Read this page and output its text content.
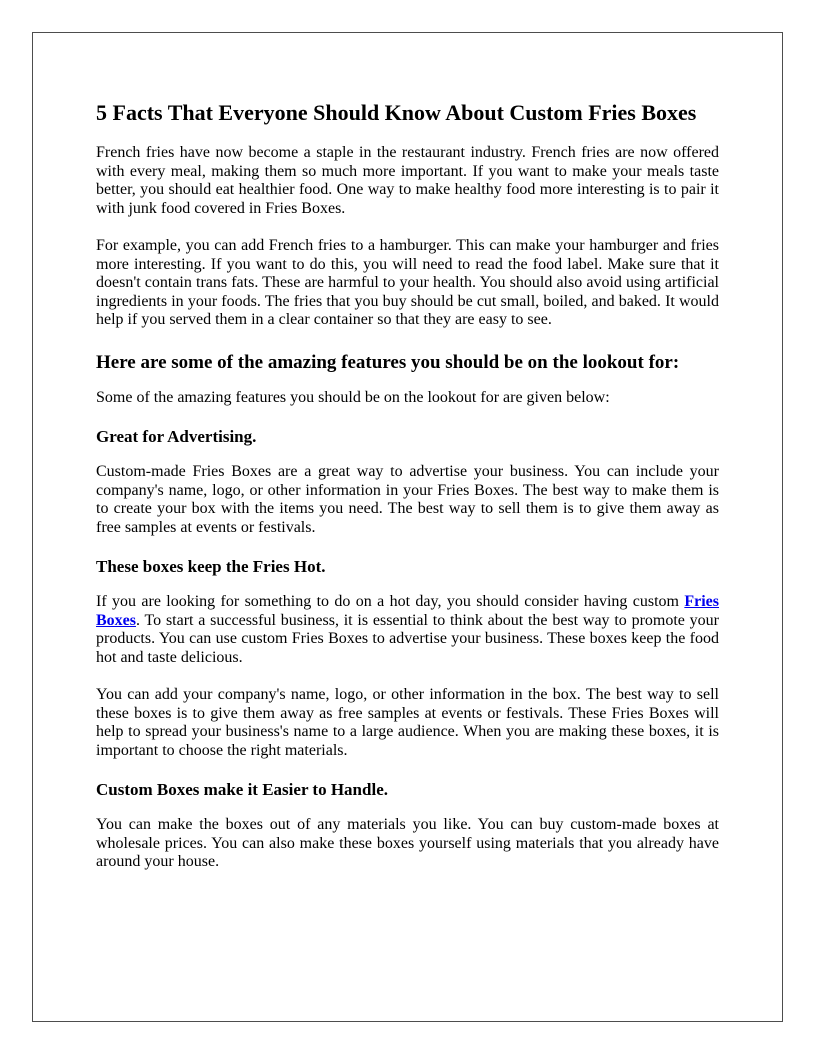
5 Facts That Everyone Should Know About Custom Fries Boxes

French fries have now become a staple in the restaurant industry. French fries are now offered with every meal, making them so much more important. If you want to make your meals taste better, you should eat healthier food. One way to make healthy food more interesting is to pair it with junk food covered in Fries Boxes.

For example, you can add French fries to a hamburger. This can make your hamburger and fries more interesting. If you want to do this, you will need to read the food label. Make sure that it doesn't contain trans fats. These are harmful to your health. You should also avoid using artificial ingredients in your foods. The fries that you buy should be cut small, boiled, and baked. It would help if you served them in a clear container so that they are easy to see.

Here are some of the amazing features you should be on the lookout for:

Some of the amazing features you should be on the lookout for are given below:

Great for Advertising.

Custom-made Fries Boxes are a great way to advertise your business. You can include your company's name, logo, or other information in your Fries Boxes. The best way to make them is to create your box with the items you need. The best way to sell them is to give them away as free samples at events or festivals.

These boxes keep the Fries Hot.

If you are looking for something to do on a hot day, you should consider having custom Fries Boxes. To start a successful business, it is essential to think about the best way to promote your products. You can use custom Fries Boxes to advertise your business. These boxes keep the food hot and taste delicious.

You can add your company's name, logo, or other information in the box. The best way to sell these boxes is to give them away as free samples at events or festivals. These Fries Boxes will help to spread your business's name to a large audience. When you are making these boxes, it is important to choose the right materials.

Custom Boxes make it Easier to Handle.

You can make the boxes out of any materials you like. You can buy custom-made boxes at wholesale prices. You can also make these boxes yourself using materials that you already have around your house.
